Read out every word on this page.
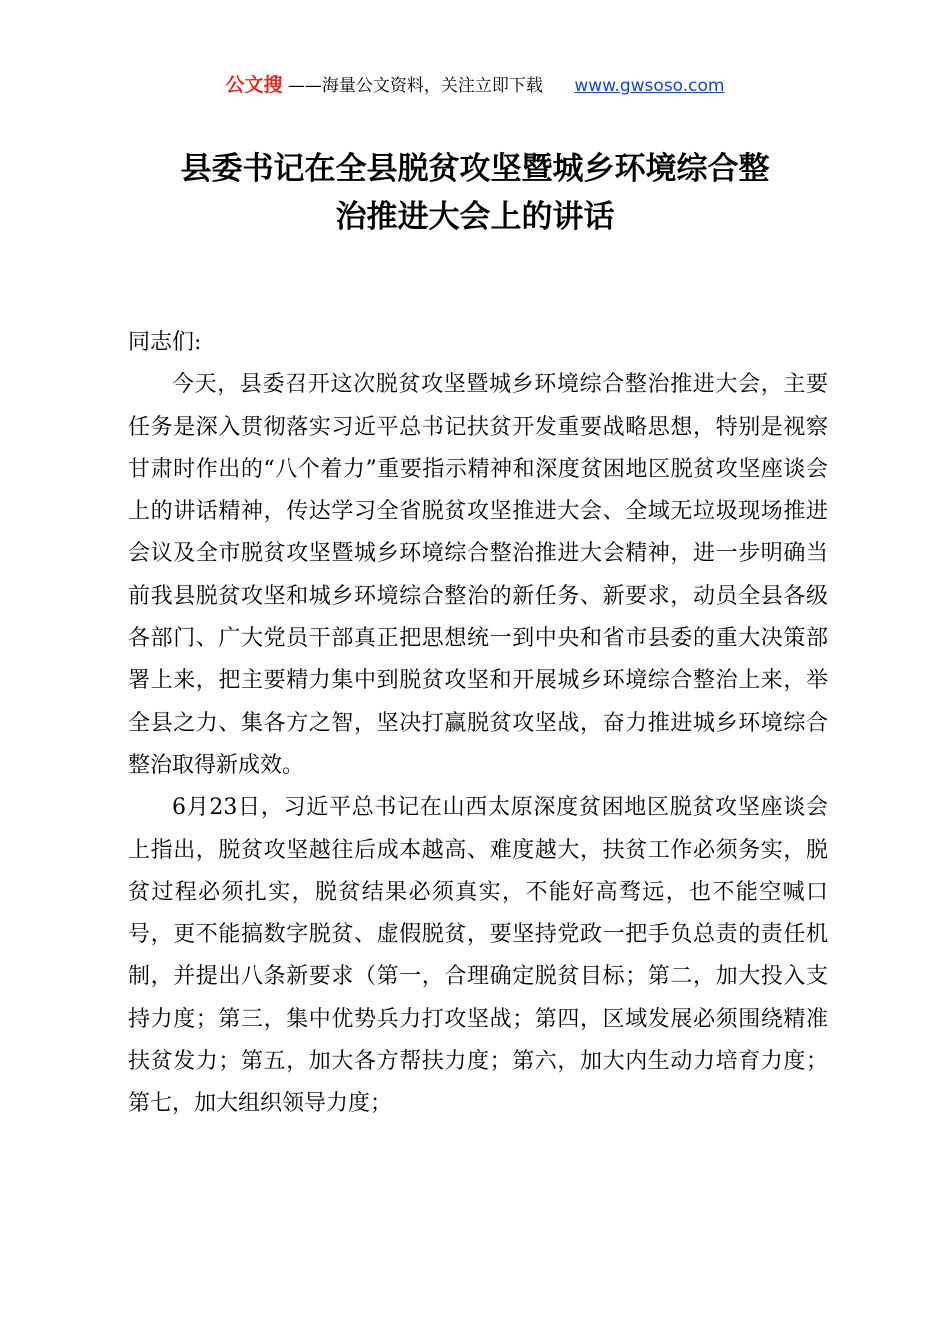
公文搜 ——海量公文资料，关注立即下载 www.gwsoso.com
县委书记在全县脱贫攻坚暨城乡环境综合整
治推进大会上的讲话

同志们:

今天，县委召开这次脱贫攻坚暨城乡环境综合整治推进大会，主要任务是深入贯彻落实习近平总书记扶贫开发重要战略思想，特别是视察甘肃时作出的“八个着力”重要指示精神和深度贫困地区脱贫攻坚座谈会上的讲话精神，传达学习全省脱贫攻坚推进大会、全域无垃圾现场推进会议及全市脱贫攻坚暨城乡环境综合整治推进大会精神，进一步明确当前我县脱贫攻坚和城乡环境综合整治的新任务、新要求，动员全县各级各部门、广大党员干部真正把思想统一到中央和省市县委的重大决策部署上来，把主要精力集中到脱贫攻坚和开展城乡环境综合整治上来，举全县之力、集各方之智，坚决打赢脱贫攻坚战，奋力推进城乡环境综合整治取得新成效。

6月23日，习近平总书记在山西太原深度贫困地区脱贫攻坚座谈会上指出，脱贫攻坚越往后成本越高、难度越大，扶贫工作必须务实，脱贫过程必须扎实，脱贫结果必须真实，不能好高骛远，也不能空喊口号，更不能搞数字脱贫、虚假脱贫，要坚持党政一把手负总责的责任机制，并提出八条新要求（第一，合理确定脱贫目标；第二，加大投入支持力度；第三，集中优势兵力打攻坚战；第四，区域发展必须围绕精准扶贫发力；第五，加大各方帮扶力度；第六，加大内生动力培育力度；第七，加大组织领导力度；
